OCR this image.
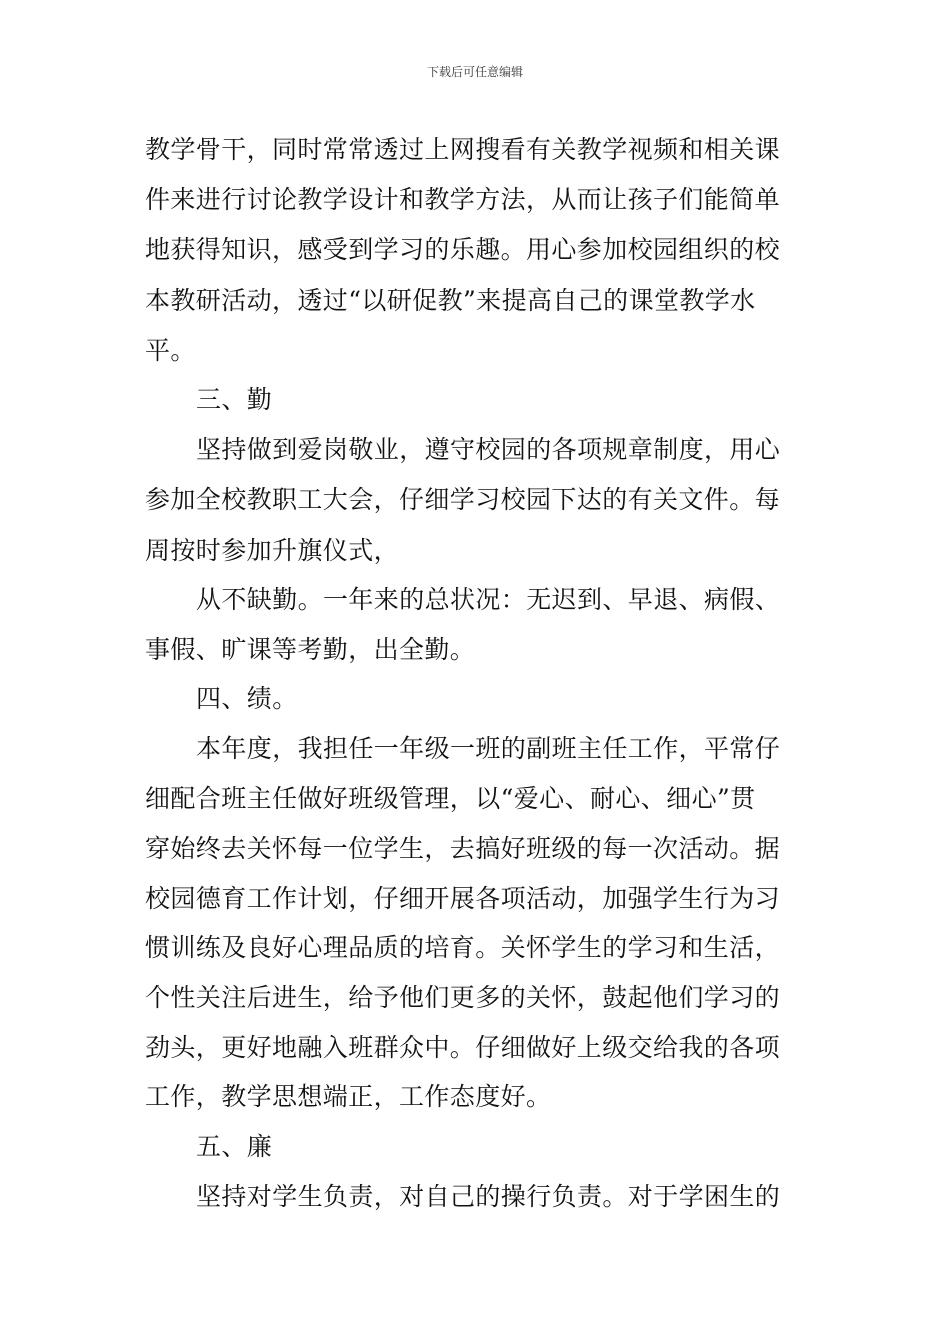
下载后可任意编辑
教学骨干，同时常常透过上网搜看有关教学视频和相关课
件来进行讨论教学设计和教学方法，从而让孩子们能简单
地获得知识，感受到学习的乐趣。用心参加校园组织的校
本教研活动，透过“以研促教”来提高自己的课堂教学水
平。
三、勤
坚持做到爱岗敬业，遵守校园的各项规章制度，用心
参加全校教职工大会，仔细学习校园下达的有关文件。每
周按时参加升旗仪式，
从不缺勤。一年来的总状况：无迟到、早退、病假、
事假、旷课等考勤，出全勤。
四、绩。
本年度，我担任一年级一班的副班主任工作，平常仔
细配合班主任做好班级管理，以“爱心、耐心、细心”贯
穿始终去关怀每一位学生，去搞好班级的每一次活动。据
校园德育工作计划，仔细开展各项活动，加强学生行为习
惯训练及良好心理品质的培育。关怀学生的学习和生活，
个性关注后进生，给予他们更多的关怀，鼓起他们学习的
劲头，更好地融入班群众中。仔细做好上级交给我的各项
工作，教学思想端正，工作态度好。
五、廉
坚持对学生负责，对自己的操行负责。对于学困生的
